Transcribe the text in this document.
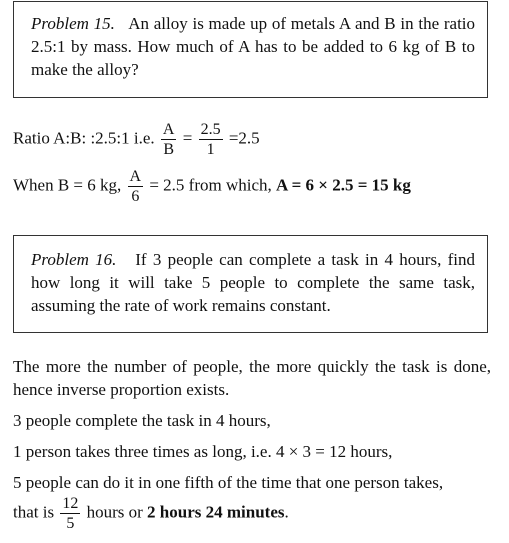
Problem 15. An alloy is made up of metals A and B in the ratio 2.5:1 by mass. How much of A has to be added to 6 kg of B to make the alloy?

Ratio A:B: :2.5:1 i.e. $\frac{A}{B} = \frac{2.5}{1} =2.5$
When B = 6 kg, $\frac{A}{6} = 2.5$ from which, A = 6 × 2.5 = 15 kg

Problem 16. If 3 people can complete a task in 4 hours, find how long it will take 5 people to complete the same task, assuming the rate of work remains constant.

The more the number of people, the more quickly the task is done, hence inverse proportion exists.

3 people complete the task in 4 hours,

1 person takes three times as long, i.e. 4 × 3 = 12 hours,

5 people can do it in one fifth of the time that one person takes,

that is $\frac{12}{5}$ hours or 2 hours 24 minutes.
